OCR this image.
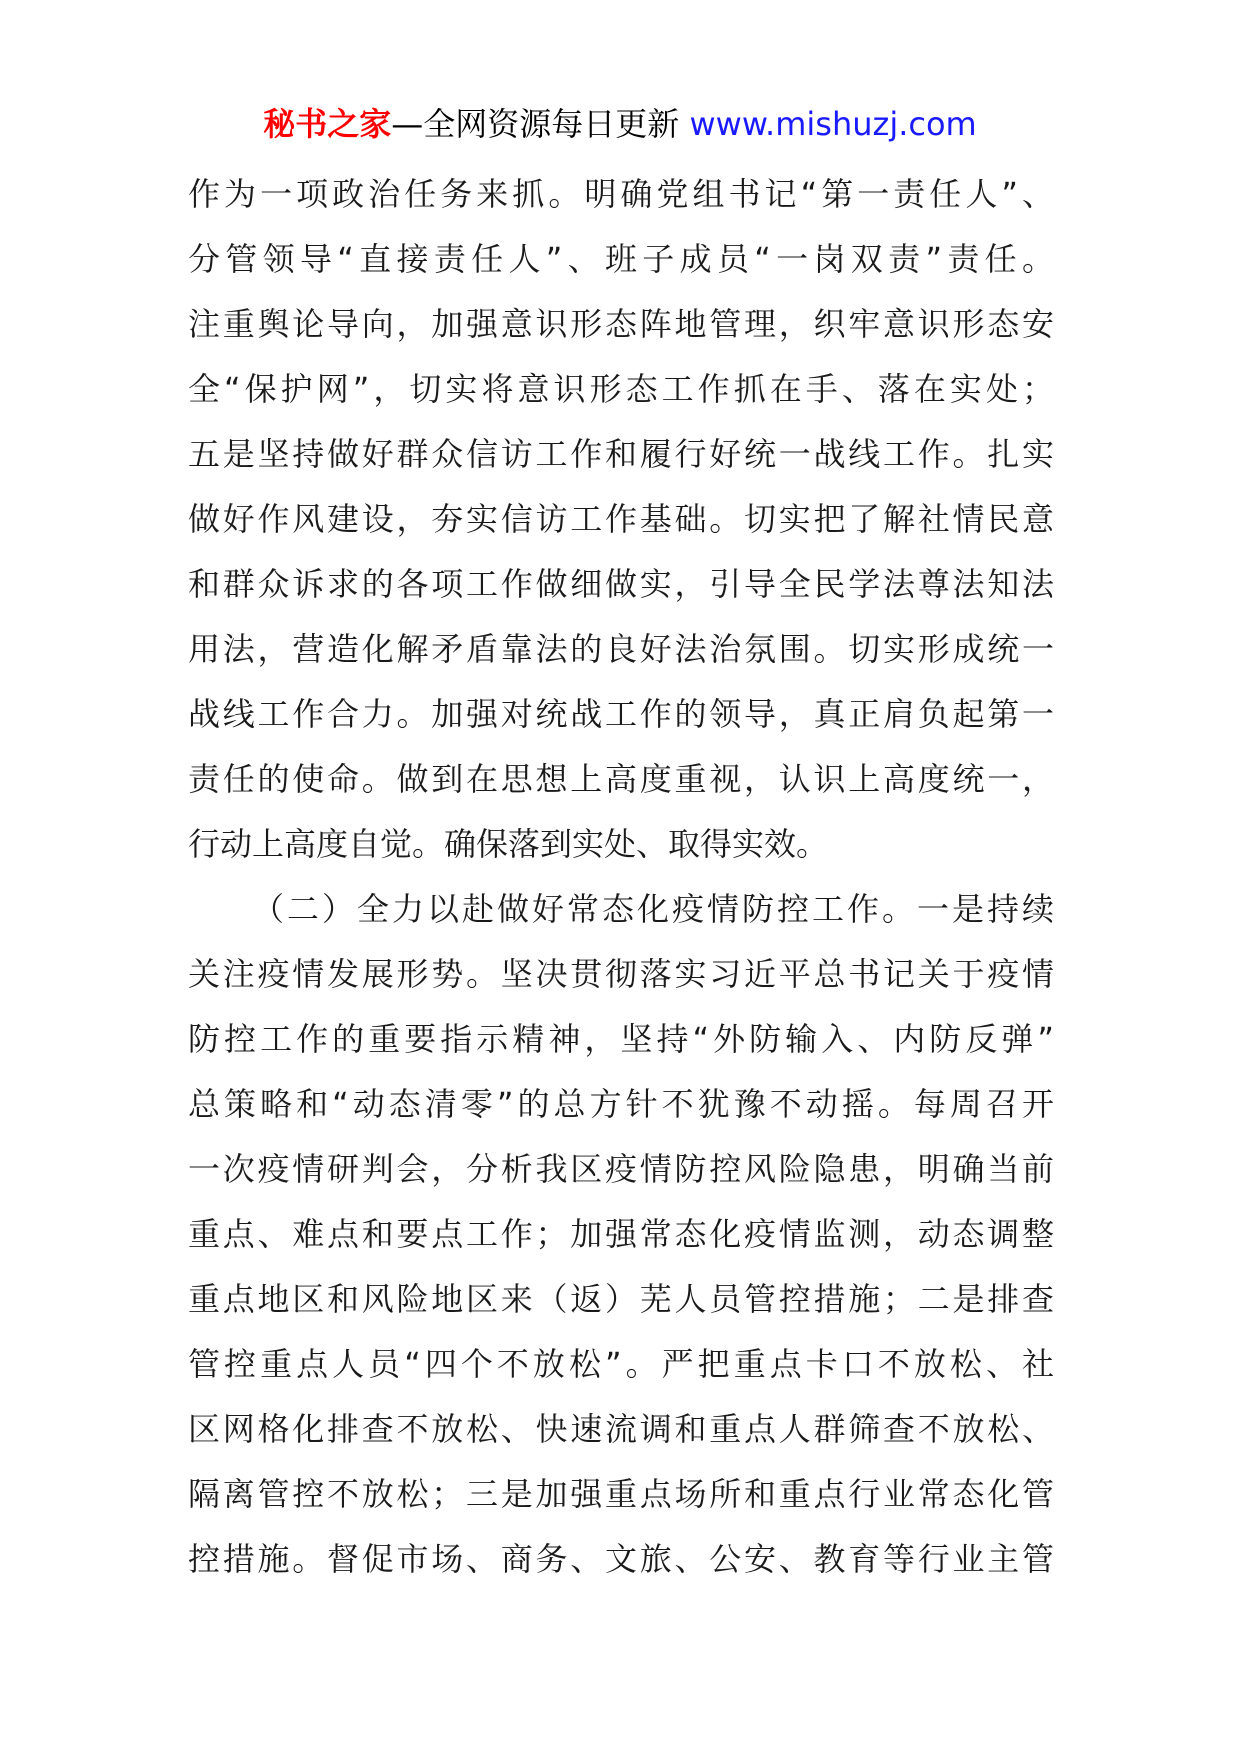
秘书之家—全网资源每日更新 www.mishuzj.com
作为一项政治任务来抓。明确党组书记“第一责任人”、
分管领导“直接责任人”、班子成员“一岗双责”责任。
注重舆论导向，加强意识形态阵地管理，织牢意识形态安
全“保护网”，切实将意识形态工作抓在手、落在实处；
五是坚持做好群众信访工作和履行好统一战线工作。扎实
做好作风建设，夯实信访工作基础。切实把了解社情民意
和群众诉求的各项工作做细做实，引导全民学法尊法知法
用法，营造化解矛盾靠法的良好法治氛围。切实形成统一
战线工作合力。加强对统战工作的领导，真正肩负起第一
责任的使命。做到在思想上高度重视，认识上高度统一，
行动上高度自觉。确保落到实处、取得实效。
（二）全力以赴做好常态化疫情防控工作。一是持续
关注疫情发展形势。坚决贯彻落实习近平总书记关于疫情
防控工作的重要指示精神，坚持“外防输入、内防反弹”
总策略和“动态清零”的总方针不犹豫不动摇。每周召开
一次疫情研判会，分析我区疫情防控风险隐患，明确当前
重点、难点和要点工作；加强常态化疫情监测，动态调整
重点地区和风险地区来（返）芜人员管控措施；二是排查
管控重点人员“四个不放松”。严把重点卡口不放松、社
区网格化排查不放松、快速流调和重点人群筛查不放松、
隔离管控不放松；三是加强重点场所和重点行业常态化管
控措施。督促市场、商务、文旅、公安、教育等行业主管
